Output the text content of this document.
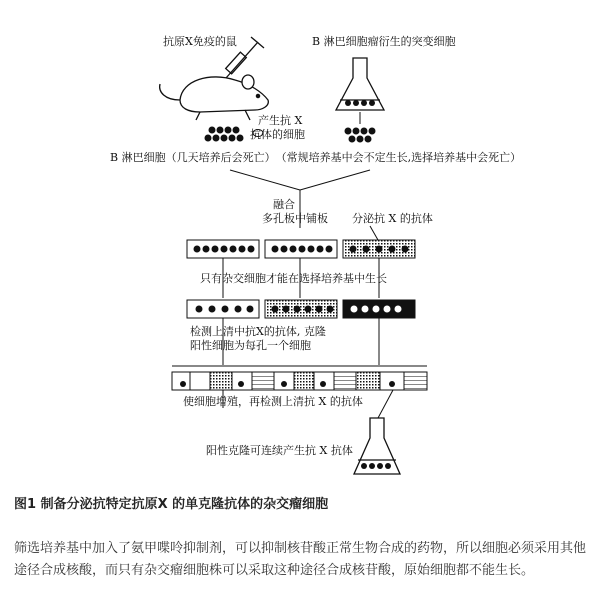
抗原X免疫的鼠	B 淋巴细胞瘤衍生的突变细胞
产生抗 X
抗体的细胞
B 淋巴细胞（几天培养后会死亡）　（常规培养基中会不定生长,选择培养基中会死亡）
融合
多孔板中铺板 分泌抗 X 的抗体
只有杂交细胞才能在选择培养基中生长
检测上清中抗X的抗体, 克隆
阳性细胞为每孔一个细胞
使细胞增殖，再检测上清抗 X 的抗体
阳性克隆可连续产生抗 X 抗体
图1 制备分泌抗特定抗原X 的单克隆抗体的杂交瘤细胞

筛选培养基中加入了氨甲喋呤抑制剂，可以抑制核苷酸正常生物合成的药物，所以细胞必须采用其他途径合成核酸，而只有杂交瘤细胞株可以采取这种途径合成核苷酸，原始细胞都不能生长。
